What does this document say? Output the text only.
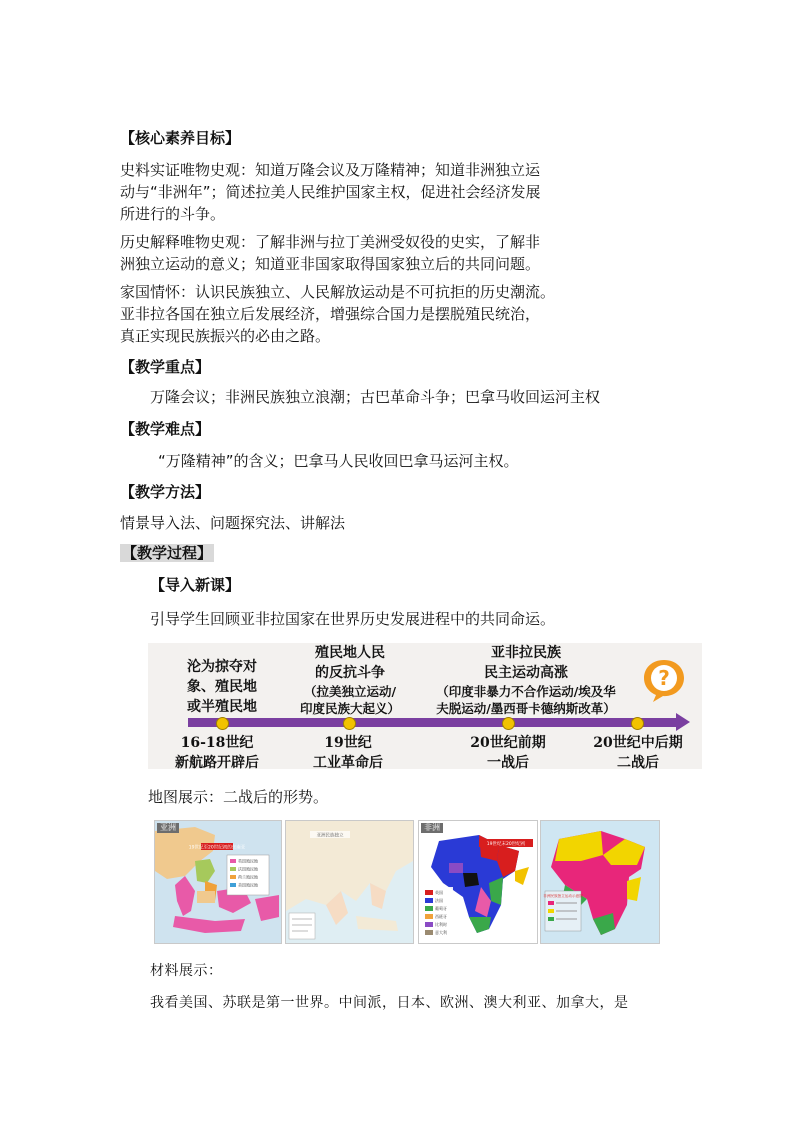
【核心素养目标】
史料实证唯物史观：知道万隆会议及万隆精神；知道非洲独立运
动与“非洲年”；简述拉美人民维护国家主权，促进社会经济发展
所进行的斗争。
历史解释唯物史观：了解非洲与拉丁美洲受奴役的史实，了解非
洲独立运动的意义；知道亚非国家取得国家独立后的共同问题。
家国情怀：认识民族独立、人民解放运动是不可抗拒的历史潮流。
亚非拉各国在独立后发展经济，增强综合国力是摆脱殖民统治，
真正实现民族振兴的必由之路。
【教学重点】
万隆会议；非洲民族独立浪潮；古巴革命斗争；巴拿马收回运河主权
【教学难点】
“万隆精神”的含义；巴拿马人民收回巴拿马运河主权。
【教学方法】
情景导入法、问题探究法、讲解法
【教学过程】
【导入新课】
引导学生回顾亚非拉国家在世界历史发展进程中的共同命运。
沦为掠夺对
象、殖民地
或半殖民地
殖民地人民
的反抗斗争
（拉美独立运动/
印度民族大起义）
亚非拉民族
民主运动高涨
（印度非暴力不合作运动/埃及华
夫脱运动/墨西哥卡德纳斯改革）
?
16-18世纪
新航路开辟后
19世纪
工业革命后
20世纪前期
一战后
20世纪中后期
二战后
地图展示：二战后的形势。
19世纪至20世纪初的东南亚
英国殖民地
法国殖民地
荷兰殖民地
美国殖民地
亚洲
亚洲民族独立
19世纪末20世纪初
英国
法国
葡萄牙
西班牙
比利时
意大利
非洲
非洲民族独立运动示意图
材料展示：
我看美国、苏联是第一世界。中间派，日本、欧洲、澳大利亚、加拿大，是
